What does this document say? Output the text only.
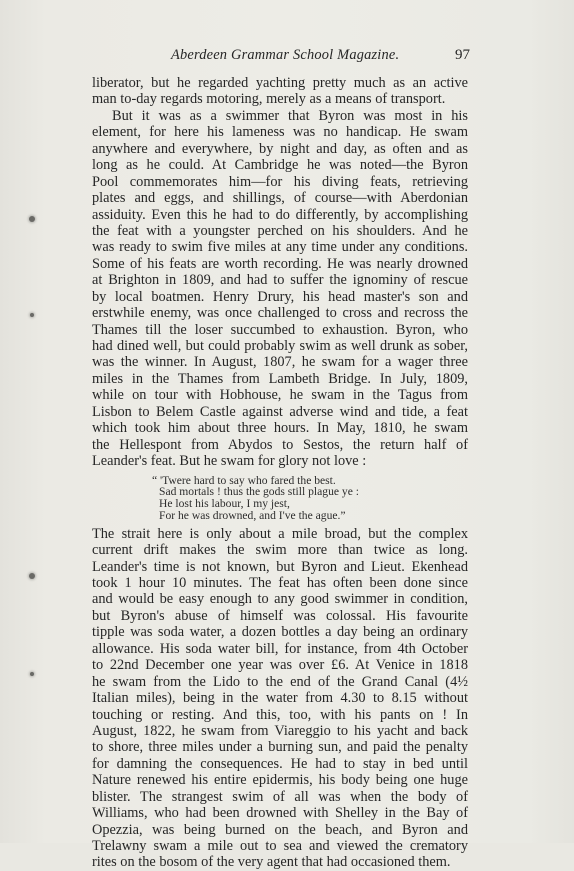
Aberdeen Grammar School Magazine.	97
liberator, but he regarded yachting pretty much as an active
man to-day regards motoring, merely as a means of transport.
But it was as a swimmer that Byron was most in his
element, for here his lameness was no handicap. He swam
anywhere and everywhere, by night and day, as often and as
long as he could. At Cambridge he was noted—the Byron
Pool commemorates him—for his diving feats, retrieving
plates and eggs, and shillings, of course—with Aberdonian
assiduity. Even this he had to do differently, by accomplishing
the feat with a youngster perched on his shoulders. And he
was ready to swim five miles at any time under any conditions.
Some of his feats are worth recording. He was nearly drowned
at Brighton in 1809, and had to suffer the ignominy of rescue
by local boatmen. Henry Drury, his head master's son and
erstwhile enemy, was once challenged to cross and recross the
Thames till the loser succumbed to exhaustion. Byron, who
had dined well, but could probably swim as well drunk as sober,
was the winner. In August, 1807, he swam for a wager three
miles in the Thames from Lambeth Bridge. In July, 1809,
while on tour with Hobhouse, he swam in the Tagus from
Lisbon to Belem Castle against adverse wind and tide, a feat
which took him about three hours. In May, 1810, he swam
the Hellespont from Abydos to Sestos, the return half of
Leander's feat. But he swam for glory not love :
“ 'Twere hard to say who fared the best.
Sad mortals ! thus the gods still plague ye :
He lost his labour, I my jest,
For he was drowned, and I've the ague.”
The strait here is only about a mile broad, but the complex
current drift makes the swim more than twice as long.
Leander's time is not known, but Byron and Lieut. Ekenhead
took 1 hour 10 minutes. The feat has often been done since
and would be easy enough to any good swimmer in condition,
but Byron's abuse of himself was colossal. His favourite
tipple was soda water, a dozen bottles a day being an ordinary
allowance. His soda water bill, for instance, from 4th October
to 22nd December one year was over £6. At Venice in 1818
he swam from the Lido to the end of the Grand Canal (4½
Italian miles), being in the water from 4.30 to 8.15 without
touching or resting. And this, too, with his pants on ! In
August, 1822, he swam from Viareggio to his yacht and back
to shore, three miles under a burning sun, and paid the penalty
for damning the consequences. He had to stay in bed until
Nature renewed his entire epidermis, his body being one huge
blister. The strangest swim of all was when the body of
Williams, who had been drowned with Shelley in the Bay of
Opezzia, was being burned on the beach, and Byron and
Trelawny swam a mile out to sea and viewed the crematory
rites on the bosom of the very agent that had occasioned them.
